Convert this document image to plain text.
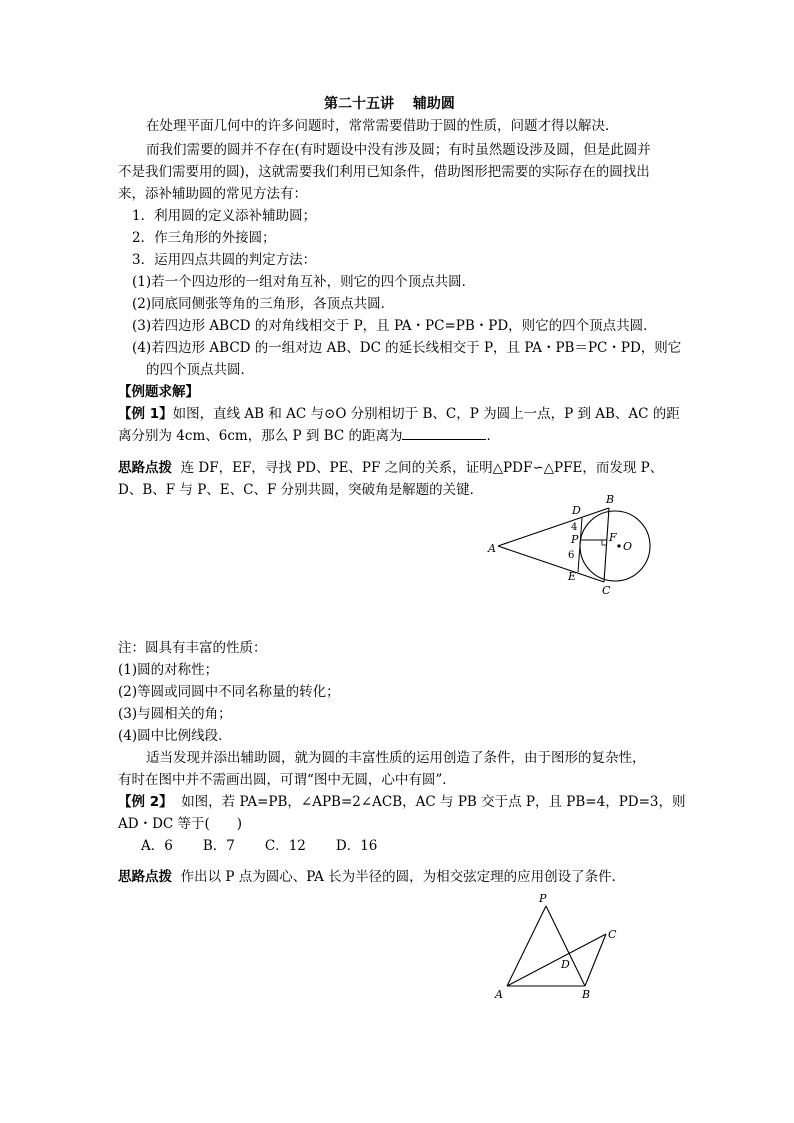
第二十五讲　 辅助圆
在处理平面几何中的许多问题时，常常需要借助于圆的性质，问题才得以解决．
而我们需要的圆并不存在(有时题设中没有涉及圆；有时虽然题设涉及圆，但是此圆并
不是我们需要用的圆)，这就需要我们利用已知条件，借助图形把需要的实际存在的圆找出
来，添补辅助圆的常见方法有：
1．利用圆的定义添补辅助圆；
2．作三角形的外接圆；
3．运用四点共圆的判定方法：
(1)若一个四边形的一组对角互补，则它的四个顶点共圆．
(2)同底同侧张等角的三角形，各顶点共圆．
(3)若四边形 ABCD 的对角线相交于 P，且 PA・PC=PB・PD，则它的四个顶点共圆．
(4)若四边形 ABCD 的一组对边 AB、DC 的延长线相交于 P，且 PA・PB＝PC・PD，则它
的四个顶点共圆．
【例题求解】
【例 1】如图，直线 AB 和 AC 与⊙O 分别相切于 B、C，P 为圆上一点，P 到 AB、AC 的距
离分别为 4cm、6cm，那么 P 到 BC 的距离为	．
思路点拨 连 DF，EF，寻找 PD、PE、PF 之间的关系，证明△PDF∽△PFE，而发现 P、
D、B、F 与 P、E、C、F 分别共圆，突破角是解题的关键．
D
B
4
F
O
P
A
6
E
C
注：圆具有丰富的性质：
(1)圆的对称性；
(2)等圆或同圆中不同名称量的转化；
(3)与圆相关的角；
(4)圆中比例线段．
适当发现并添出辅助圆，就为圆的丰富性质的运用创造了条件，由于图形的复杂性，
有时在图中并不需画出圆，可谓“图中无圆，心中有圆”．
【例 2】 如图，若 PA=PB，∠APB=2∠ACB，AC 与 PB 交于点 P，且 PB=4，PD=3，则
AD・DC 等于(　　)
A．6 B．7 C．12 D．16
思路点拨 作出以 P 点为圆心、PA 长为半径的圆，为相交弦定理的应用创设了条件．
P
C
D
A	B
